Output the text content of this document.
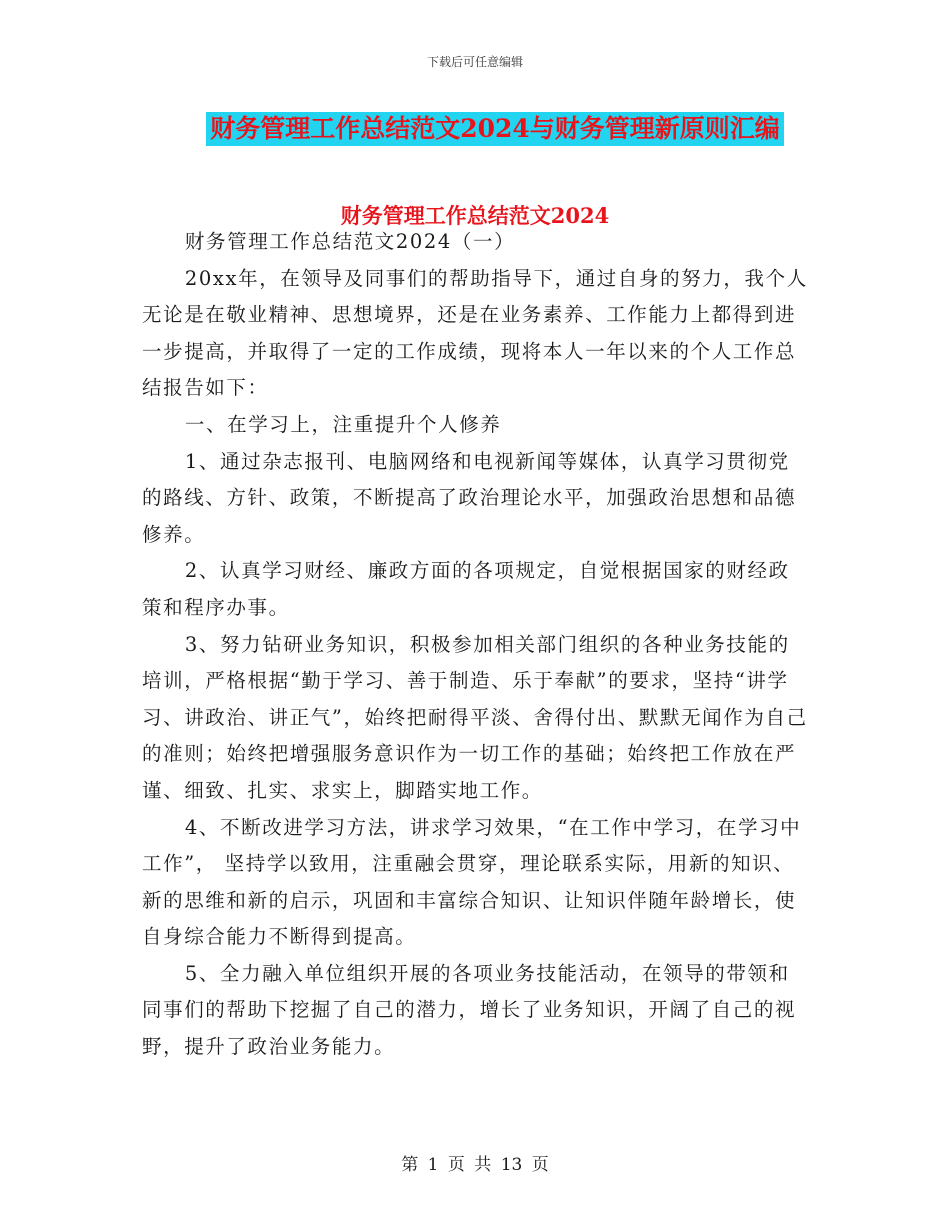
下载后可任意编辑
财务管理工作总结范文2024与财务管理新原则汇编
财务管理工作总结范文2024

财务管理工作总结范文2024（一）

20xx年，在领导及同事们的帮助指导下，通过自身的努力，我个人无论是在敬业精神、思想境界，还是在业务素养、工作能力上都得到进一步提高，并取得了一定的工作成绩，现将本人一年以来的个人工作总结报告如下：

一、在学习上，注重提升个人修养

1、通过杂志报刊、电脑网络和电视新闻等媒体，认真学习贯彻党的路线、方针、政策，不断提高了政治理论水平，加强政治思想和品德修养。

2、认真学习财经、廉政方面的各项规定，自觉根据国家的财经政策和程序办事。

3、努力钻研业务知识，积极参加相关部门组织的各种业务技能的培训，严格根据“勤于学习、善于制造、乐于奉献”的要求，坚持“讲学习、讲政治、讲正气”，始终把耐得平淡、舍得付出、默默无闻作为自己的准则；始终把增强服务意识作为一切工作的基础；始终把工作放在严谨、细致、扎实、求实上，脚踏实地工作。

4、不断改进学习方法，讲求学习效果，“在工作中学习，在学习中工作”， 坚持学以致用，注重融会贯穿，理论联系实际，用新的知识、新的思维和新的启示，巩固和丰富综合知识、让知识伴随年龄增长，使自身综合能力不断得到提高。

5、全力融入单位组织开展的各项业务技能活动，在领导的带领和同事们的帮助下挖掘了自己的潜力，增长了业务知识，开阔了自己的视野，提升了政治业务能力。

第 1 页 共 13 页
